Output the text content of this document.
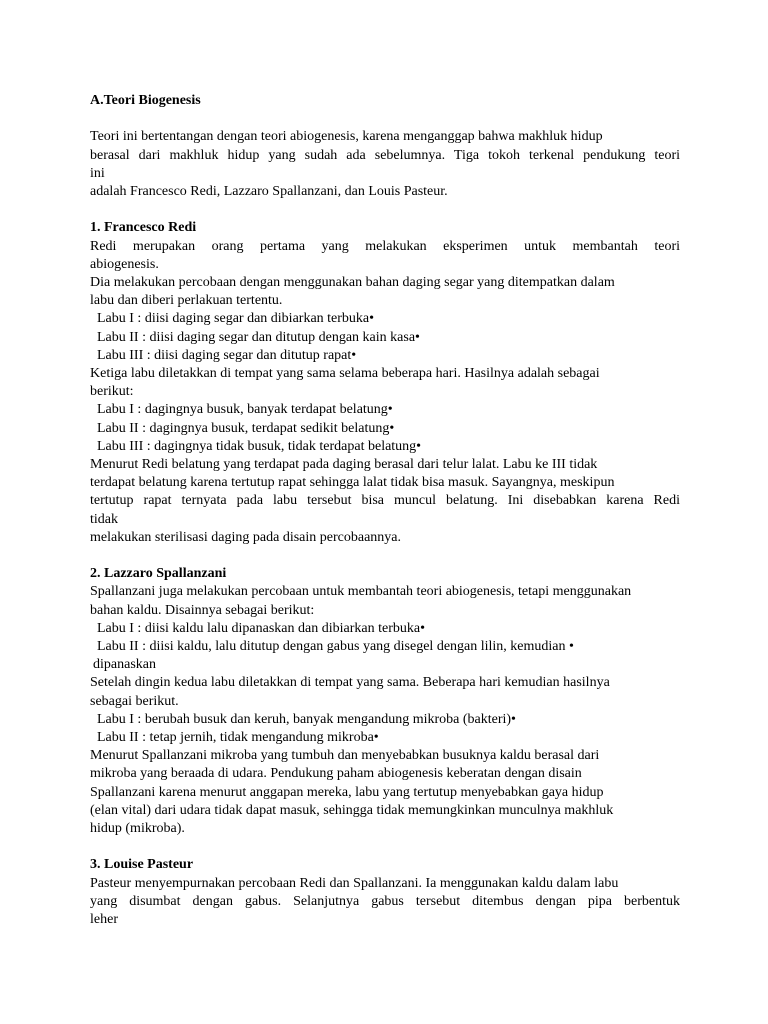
A.Teori Biogenesis
Teori ini bertentangan dengan teori abiogenesis, karena menganggap bahwa makhluk hidup
berasal dari makhluk hidup yang sudah ada sebelumnya. Tiga tokoh terkenal pendukung teori
ini
adalah Francesco Redi, Lazzaro Spallanzani, dan Louis Pasteur.
1. Francesco Redi
Redi merupakan orang pertama yang melakukan eksperimen untuk membantah teori
abiogenesis.
Dia melakukan percobaan dengan menggunakan bahan daging segar yang ditempatkan dalam
labu dan diberi perlakuan tertentu.
Labu I : diisi daging segar dan dibiarkan terbuka•
Labu II : diisi daging segar dan ditutup dengan kain kasa•
Labu III : diisi daging segar dan ditutup rapat•
Ketiga labu diletakkan di tempat yang sama selama beberapa hari. Hasilnya adalah sebagai
berikut:
Labu I : dagingnya busuk, banyak terdapat belatung•
Labu II : dagingnya busuk, terdapat sedikit belatung•
Labu III : dagingnya tidak busuk, tidak terdapat belatung•
Menurut Redi belatung yang terdapat pada daging berasal dari telur lalat. Labu ke III tidak
terdapat belatung karena tertutup rapat sehingga lalat tidak bisa masuk. Sayangnya, meskipun
tertutup rapat ternyata pada labu tersebut bisa muncul belatung. Ini disebabkan karena Redi
tidak
melakukan sterilisasi daging pada disain percobaannya.
2. Lazzaro Spallanzani
Spallanzani juga melakukan percobaan untuk membantah teori abiogenesis, tetapi menggunakan
bahan kaldu. Disainnya sebagai berikut:
Labu I : diisi kaldu lalu dipanaskan dan dibiarkan terbuka•
Labu II : diisi kaldu, lalu ditutup dengan gabus yang disegel dengan lilin, kemudian •
dipanaskan
Setelah dingin kedua labu diletakkan di tempat yang sama. Beberapa hari kemudian hasilnya
sebagai berikut.
Labu I : berubah busuk dan keruh, banyak mengandung mikroba (bakteri)•
Labu II : tetap jernih, tidak mengandung mikroba•
Menurut Spallanzani mikroba yang tumbuh dan menyebabkan busuknya kaldu berasal dari
mikroba yang beraada di udara. Pendukung paham abiogenesis keberatan dengan disain
Spallanzani karena menurut anggapan mereka, labu yang tertutup menyebabkan gaya hidup
(elan vital) dari udara tidak dapat masuk, sehingga tidak memungkinkan munculnya makhluk
hidup (mikroba).
3. Louise Pasteur
Pasteur menyempurnakan percobaan Redi dan Spallanzani. Ia menggunakan kaldu dalam labu
yang disumbat dengan gabus. Selanjutnya gabus tersebut ditembus dengan pipa berbentuk
leher
